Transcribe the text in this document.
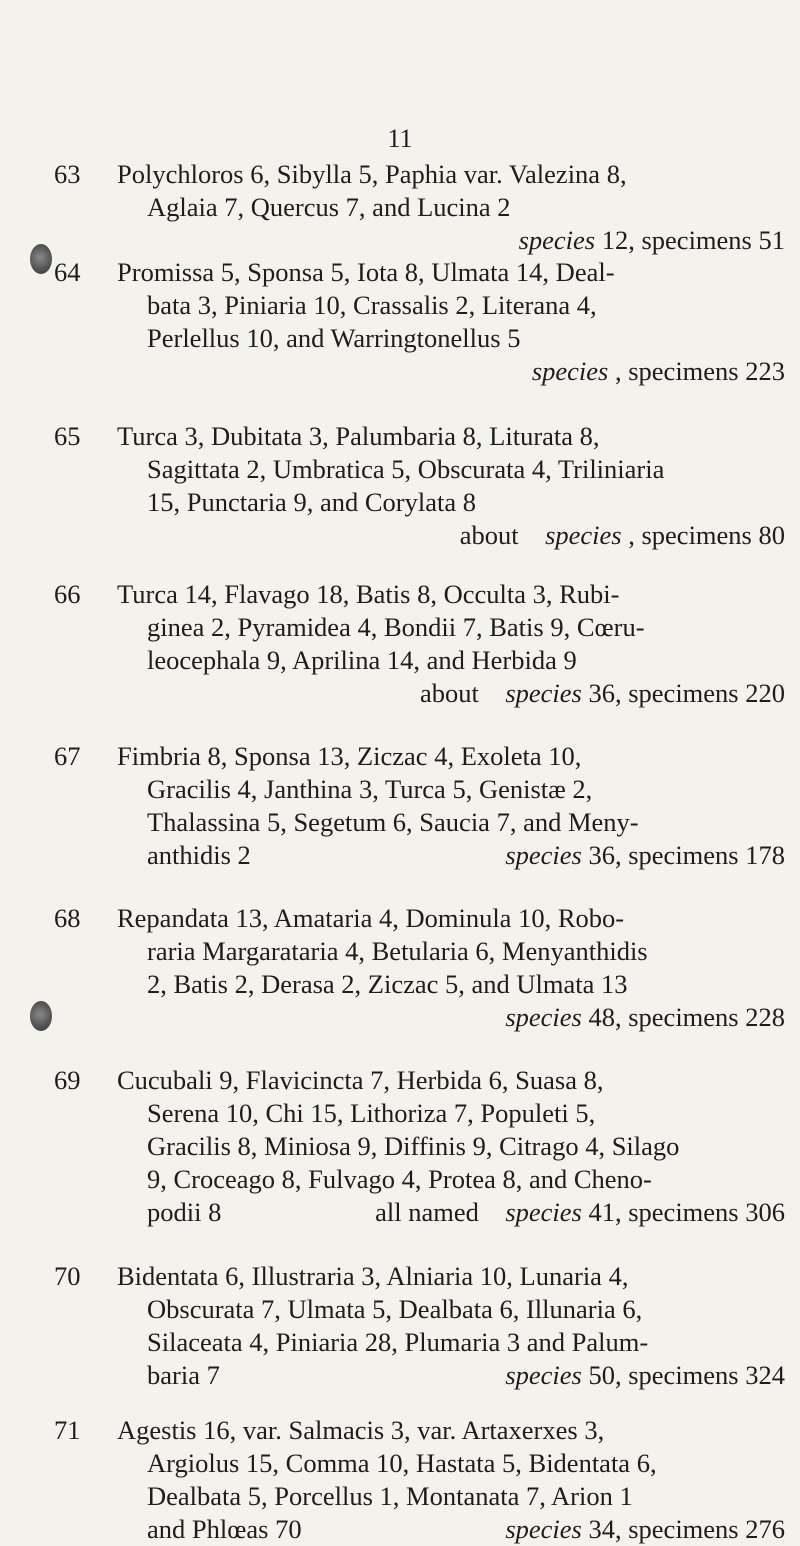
11
63 Polychloros 6, Sibylla 5, Paphia var. Valezina 8,
Aglaia 7, Quercus 7, and Lucina 2
species 12, specimens 51
64 Promissa 5, Sponsa 5, Iota 8, Ulmata 14, Deal-
bata 3, Piniaria 10, Crassalis 2, Literana 4,
Perlellus 10, and Warringtonellus 5
species , specimens 223
65 Turca 3, Dubitata 3, Palumbaria 8, Liturata 8,
Sagittata 2, Umbratica 5, Obscurata 4, Triliniaria
15, Punctaria 9, and Corylata 8
about  species , specimens 80
66 Turca 14, Flavago 18, Batis 8, Occulta 3, Rubi-
ginea 2, Pyramidea 4, Bondii 7, Batis 9, Cœru-
leocephala 9, Aprilina 14, and Herbida 9
about  species 36, specimens 220
67 Fimbria 8, Sponsa 13, Ziczac 4, Exoleta 10,
Gracilis 4, Janthina 3, Turca 5, Genistæ 2,
Thalassina 5, Segetum 6, Saucia 7, and Meny-
anthidis 2	species 36, specimens 178
68 Repandata 13, Amataria 4, Dominula 10, Robo-
raria Margarataria 4, Betularia 6, Menyanthidis
2, Batis 2, Derasa 2, Ziczac 5, and Ulmata 13
species 48, specimens 228
69 Cucubali 9, Flavicincta 7, Herbida 6, Suasa 8,
Serena 10, Chi 15, Lithoriza 7, Populeti 5,
Gracilis 8, Miniosa 9, Diffinis 9, Citrago 4, Silago
9, Croceago 8, Fulvago 4, Protea 8, and Cheno-
podii 8	all named  species 41, specimens 306
70 Bidentata 6, Illustraria 3, Alniaria 10, Lunaria 4,
Obscurata 7, Ulmata 5, Dealbata 6, Illunaria 6,
Silaceata 4, Piniaria 28, Plumaria 3 and Palum-
baria 7	species 50, specimens 324
71 Agestis 16, var. Salmacis 3, var. Artaxerxes 3,
Argiolus 15, Comma 10, Hastata 5, Bidentata 6,
Dealbata 5, Porcellus 1, Montanata 7, Arion 1
and Phlœas 70	species 34, specimens 276
